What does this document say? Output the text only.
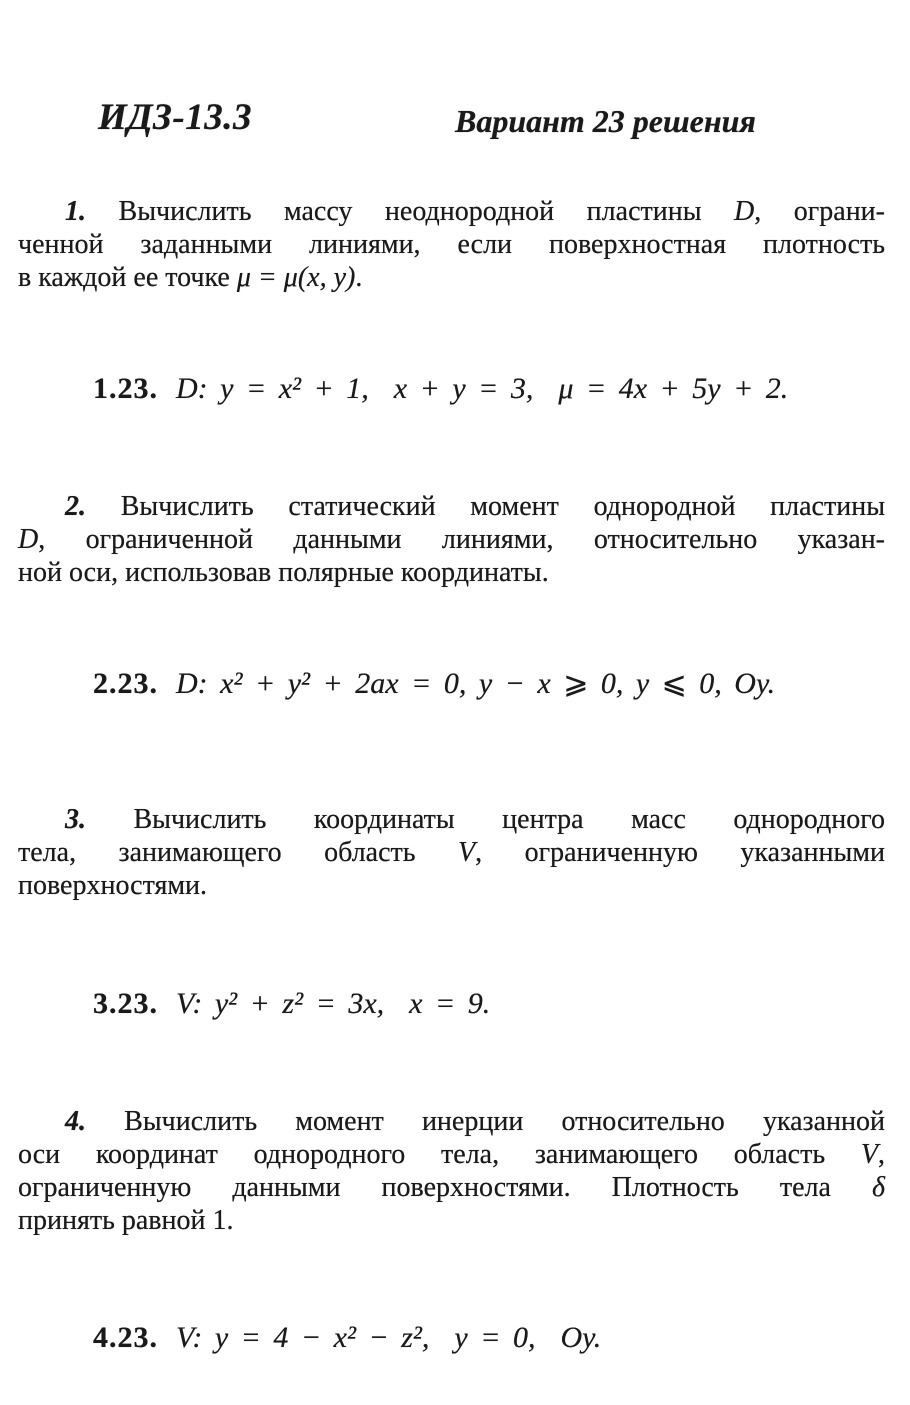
ИДЗ-13.3	Вариант 23 решения

1. Вычислить массу неоднородной пластины D, ограни-
ченной заданными линиями, если поверхностная плотность
в каждой ее точке μ = μ(x, y).

1.23. D: y = x² + 1,  x + y = 3,  μ = 4x + 5y + 2.

2. Вычислить статический момент однородной пластины
D, ограниченной данными линиями, относительно указан-
ной оси, использовав полярные координаты.

2.23. D: x² + y² + 2ax = 0, y − x ⩾ 0, y ⩽ 0, Oy.

3. Вычислить координаты центра масс однородного
тела, занимающего область V, ограниченную указанными
поверхностями.

3.23. V: y² + z² = 3x,  x = 9.

4. Вычислить момент инерции относительно указанной
оси координат однородного тела, занимающего область V,
ограниченную данными поверхностями. Плотность тела δ
принять равной 1.

4.23. V: y = 4 − x² − z²,  y = 0,  Oy.
